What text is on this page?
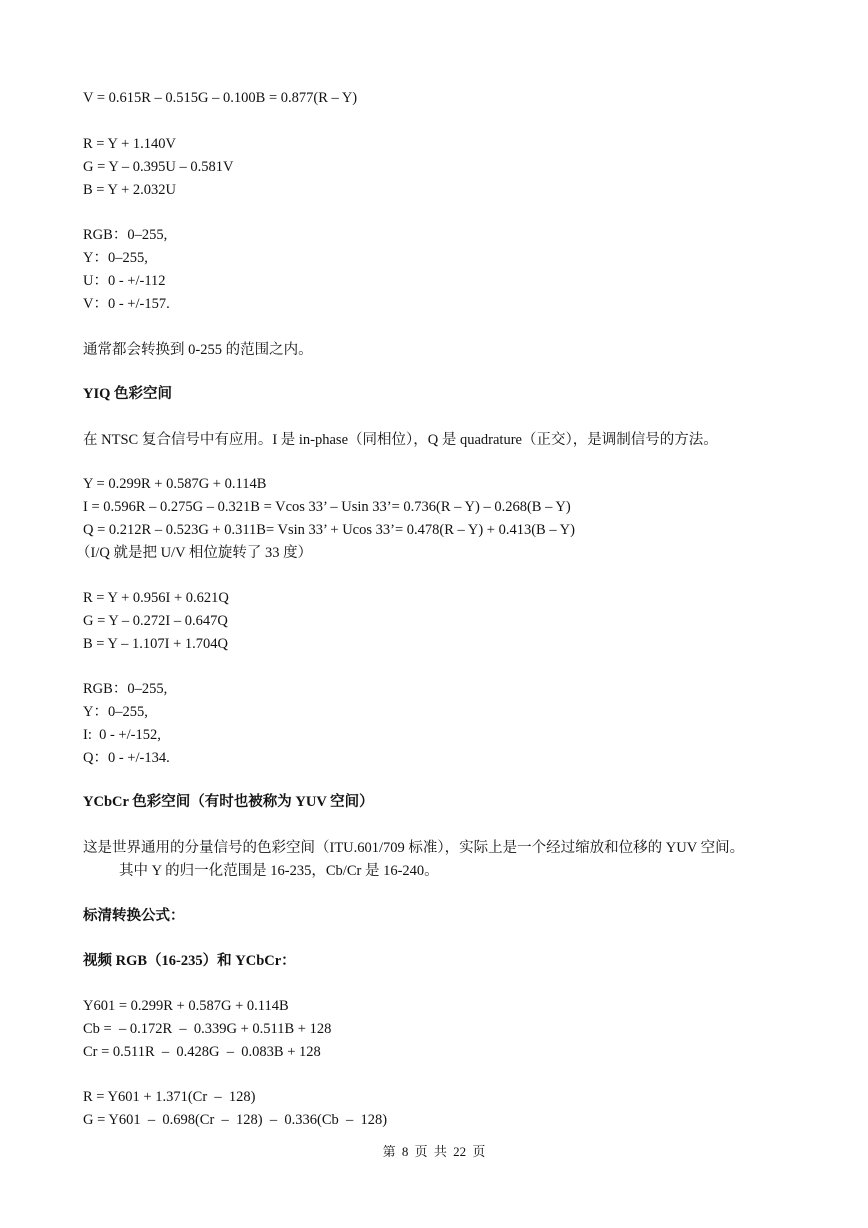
V = 0.615R – 0.515G – 0.100B = 0.877(R – Y)
R = Y + 1.140V
G = Y – 0.395U – 0.581V
B = Y + 2.032U
RGB：0–255,
Y：0–255,
U：0 - +/-112
V：0 - +/-157.
通常都会转换到 0-255 的范围之内。
YIQ 色彩空间
在 NTSC 复合信号中有应用。I 是 in-phase（同相位），Q 是 quadrature（正交），是调制信号的方法。
Y = 0.299R + 0.587G + 0.114B
I = 0.596R – 0.275G – 0.321B = Vcos 33’ – Usin 33’= 0.736(R – Y) – 0.268(B – Y)
Q = 0.212R – 0.523G + 0.311B= Vsin 33’ + Ucos 33’= 0.478(R – Y) + 0.413(B – Y)
（I/Q 就是把 U/V 相位旋转了 33 度）
R = Y + 0.956I + 0.621Q
G = Y – 0.272I – 0.647Q
B = Y – 1.107I + 1.704Q
RGB：0–255,
Y：0–255,
I:  0 - +/-152,
Q：0 - +/-134.
YCbCr 色彩空间（有时也被称为 YUV 空间）
这是世界通用的分量信号的色彩空间（ITU.601/709 标准），实际上是一个经过缩放和位移的 YUV 空间。
其中 Y 的归一化范围是 16-235，Cb/Cr 是 16-240。
标清转换公式：
视频 RGB（16-235）和 YCbCr：
Y601 = 0.299R + 0.587G + 0.114B
Cb =  – 0.172R  –  0.339G + 0.511B + 128
Cr = 0.511R  –  0.428G  –  0.083B + 128
R = Y601 + 1.371(Cr  –  128)
G = Y601  –  0.698(Cr  –  128)  –  0.336(Cb  –  128)
第 8 页 共 22 页
